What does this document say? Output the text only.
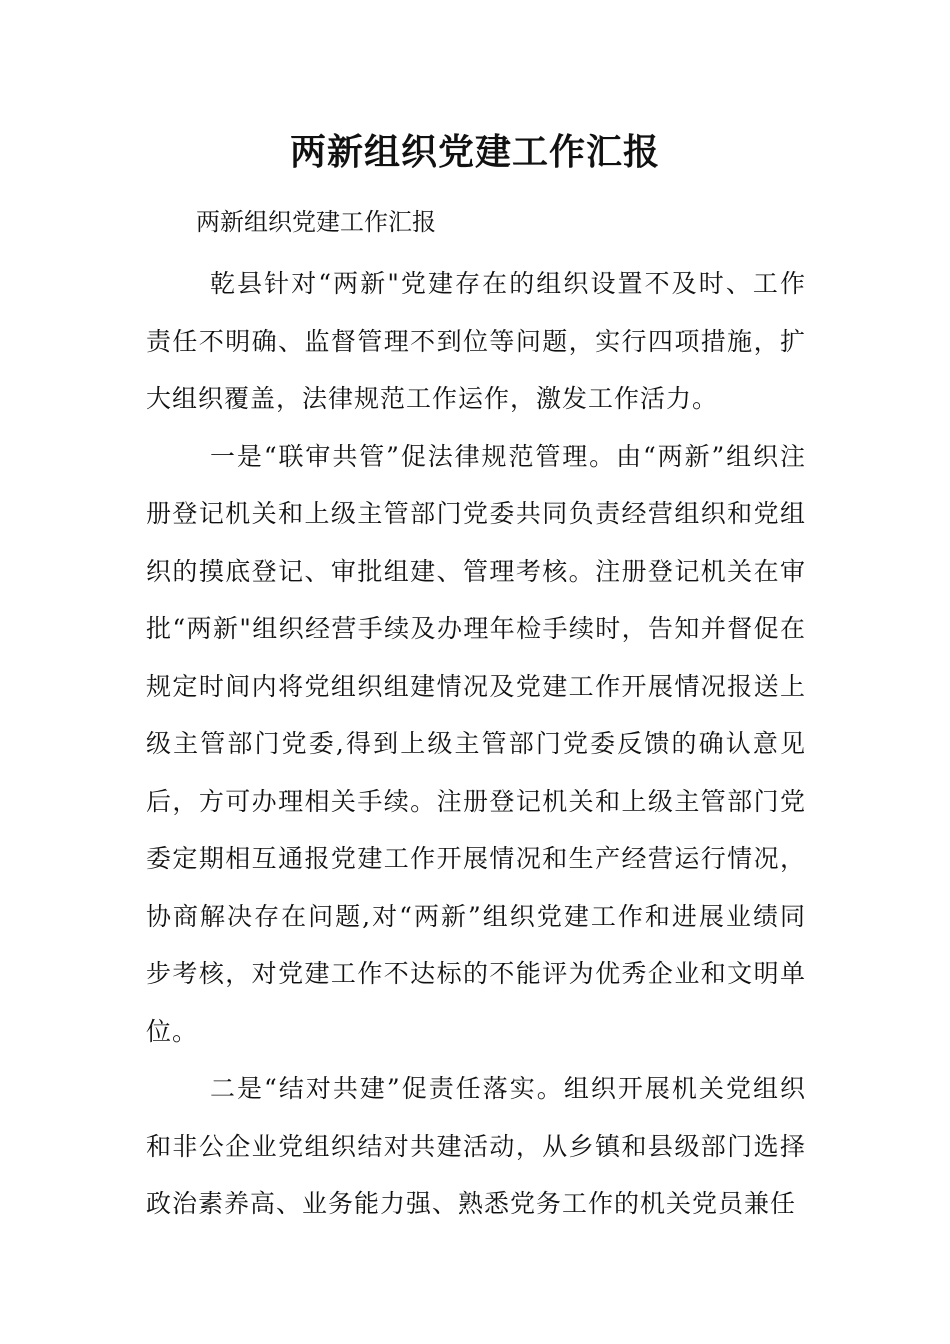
两新组织党建工作汇报

两新组织党建工作汇报

乾县针对“两新"党建存在的组织设置不及时、工作责任不明确、监督管理不到位等问题，实行四项措施，扩大组织覆盖，法律规范工作运作，激发工作活力。

一是“联审共管”促法律规范管理。由“两新”组织注册登记机关和上级主管部门党委共同负责经营组织和党组织的摸底登记、审批组建、管理考核。注册登记机关在审批“两新"组织经营手续及办理年检手续时，告知并督促在规定时间内将党组织组建情况及党建工作开展情况报送上级主管部门党委,得到上级主管部门党委反馈的确认意见后，方可办理相关手续。注册登记机关和上级主管部门党委定期相互通报党建工作开展情况和生产经营运行情况，协商解决存在问题,对“两新”组织党建工作和进展业绩同步考核，对党建工作不达标的不能评为优秀企业和文明单位。

二是“结对共建”促责任落实。组织开展机关党组织和非公企业党组织结对共建活动，从乡镇和县级部门选择政治素养高、业务能力强、熟悉党务工作的机关党员兼任
